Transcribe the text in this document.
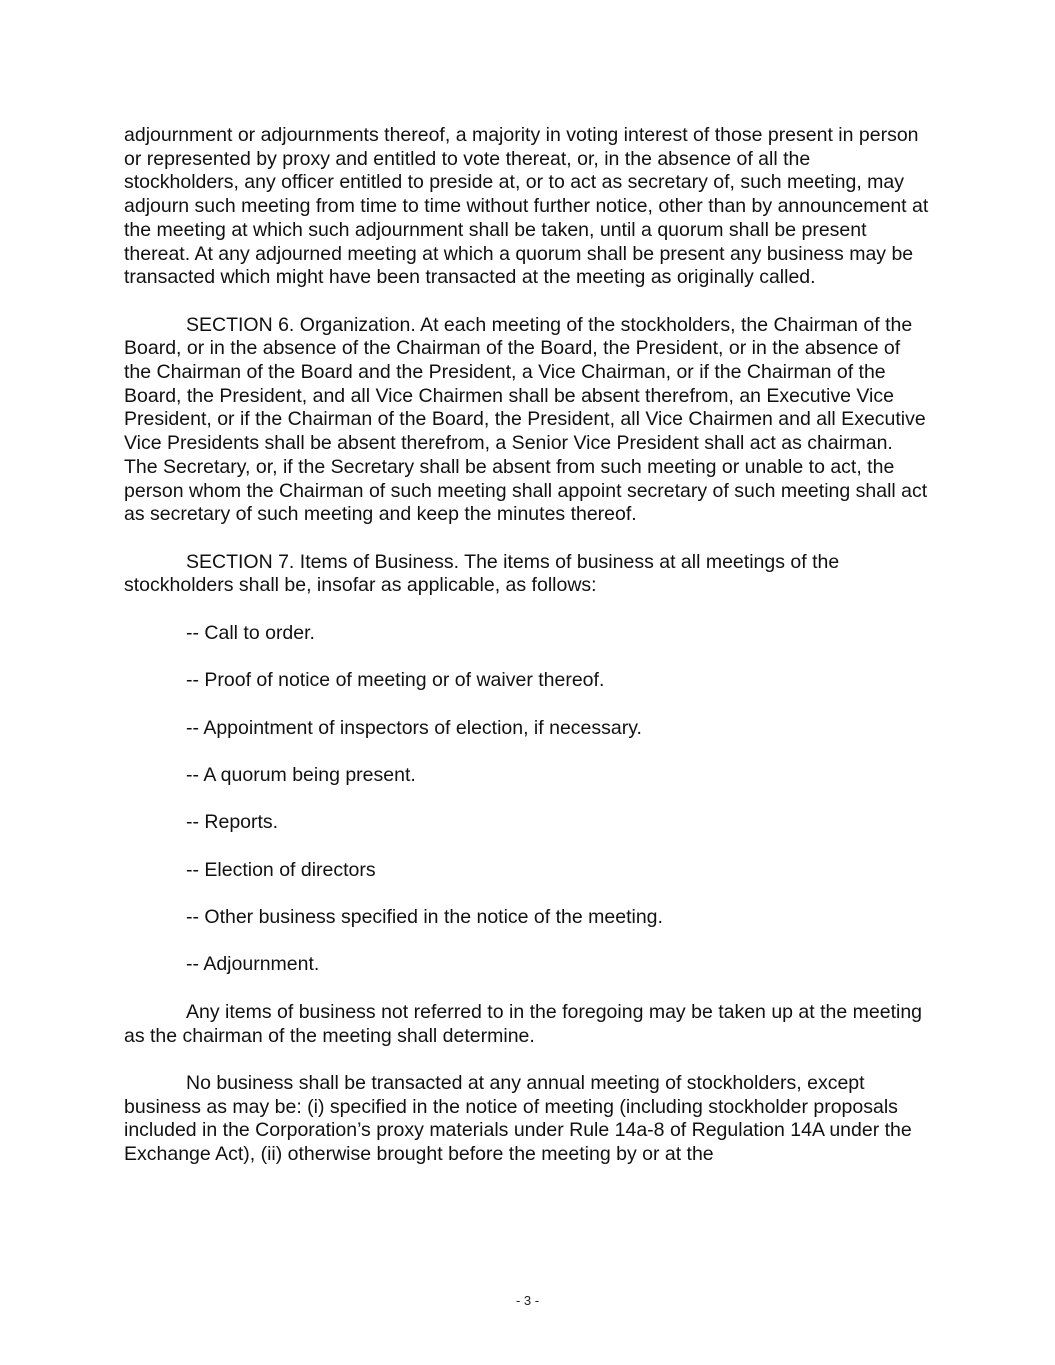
adjournment or adjournments thereof, a majority in voting interest of those present in person or represented by proxy and entitled to vote thereat, or, in the absence of all the stockholders, any officer entitled to preside at, or to act as secretary of, such meeting, may adjourn such meeting from time to time without further notice, other than by announcement at the meeting at which such adjournment shall be taken, until a quorum shall be present thereat. At any adjourned meeting at which a quorum shall be present any business may be transacted which might have been transacted at the meeting as originally called.

SECTION 6. Organization. At each meeting of the stockholders, the Chairman of the Board, or in the absence of the Chairman of the Board, the President, or in the absence of the Chairman of the Board and the President, a Vice Chairman, or if the Chairman of the Board, the President, and all Vice Chairmen shall be absent therefrom, an Executive Vice President, or if the Chairman of the Board, the President, all Vice Chairmen and all Executive Vice Presidents shall be absent therefrom, a Senior Vice President shall act as chairman. The Secretary, or, if the Secretary shall be absent from such meeting or unable to act, the person whom the Chairman of such meeting shall appoint secretary of such meeting shall act as secretary of such meeting and keep the minutes thereof.

SECTION 7. Items of Business. The items of business at all meetings of the stockholders shall be, insofar as applicable, as follows:

-- Call to order.

-- Proof of notice of meeting or of waiver thereof.

-- Appointment of inspectors of election, if necessary.

-- A quorum being present.

-- Reports.

-- Election of directors

-- Other business specified in the notice of the meeting.

-- Adjournment.

Any items of business not referred to in the foregoing may be taken up at the meeting as the chairman of the meeting shall determine.

No business shall be transacted at any annual meeting of stockholders, except business as may be: (i) specified in the notice of meeting (including stockholder proposals included in the Corporation’s proxy materials under Rule 14a-8 of Regulation 14A under the Exchange Act), (ii) otherwise brought before the meeting by or at the

- 3 -
